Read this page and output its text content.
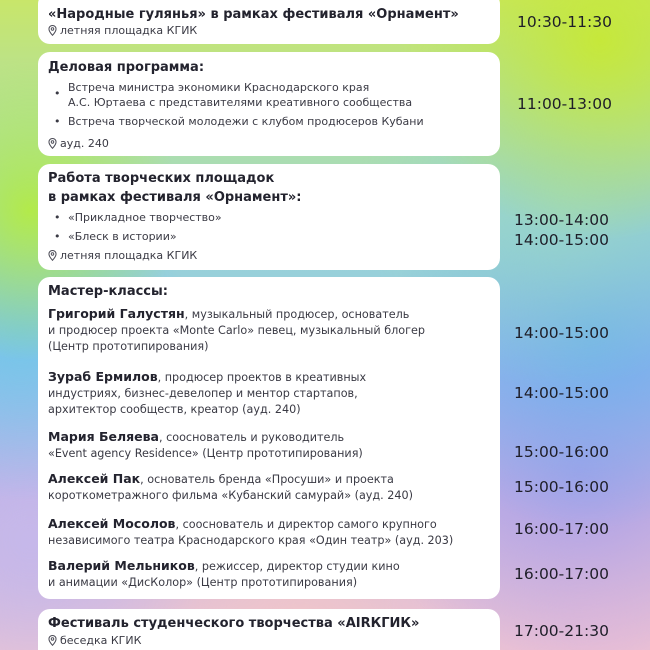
«Народные гулянья» в рамках фестиваля «Орнамент»
летняя площадка КГИК	10:30-11:30
Деловая программа:
• Встреча министра экономики Краснодарского края
А.С. Юртаева с представителями креативного сообщества
• Встреча творческой молодежи с клубом продюсеров Кубани
ауд. 240
11:00-13:00
Работа творческих площадок
в рамках фестиваля «Орнамент»:
• «Прикладное творчество»
• «Блеск в истории»
летняя площадка КГИК
13:00-14:00
14:00-15:00
Мастер-классы:
Григорий Галустян, музыкальный продюсер, основатель
и продюсер проекта «Monte Carlo» певец, музыкальный блогер
(Центр прототипирования)
Зураб Ермилов, продюсер проектов в креативных
индустриях, бизнес-девелопер и ментор стартапов,
архитектор сообществ, креатор (ауд. 240)
Мария Беляева, сооснователь и руководитель
«Event agency Residence» (Центр прототипирования)
Алексей Пак, основатель бренда «Просуши» и проекта
короткометражного фильма «Кубанский самурай» (ауд. 240)
Алексей Мосолов, сооснователь и директор самого крупного
независимого театра Краснодарского края «Один театр» (ауд. 203)
Валерий Мельников, режиссер, директор студии кино
и анимации «ДисКолор» (Центр прототипирования)
14:00-15:00
14:00-15:00
15:00-16:00
15:00-16:00
16:00-17:00
16:00-17:00
Фестиваль студенческого творчества «AIRКГИК»
беседка КГИК
17:00-21:30
